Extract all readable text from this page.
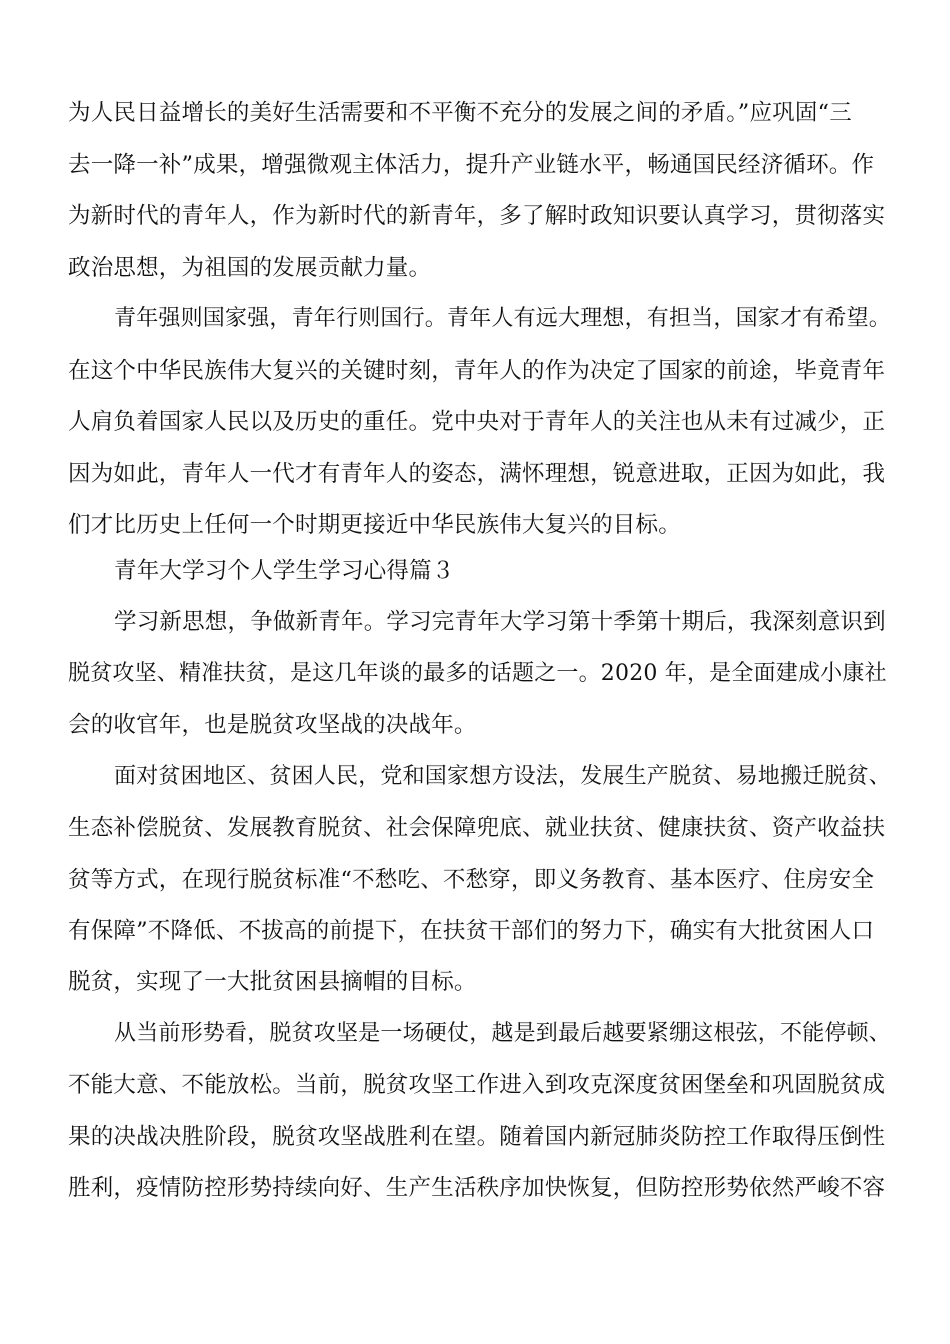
为人民日益增长的美好生活需要和不平衡不充分的发展之间的矛盾。”应巩固“三
去一降一补”成果，增强微观主体活力，提升产业链水平，畅通国民经济循环。作
为新时代的青年人，作为新时代的新青年，多了解时政知识要认真学习，贯彻落实
政治思想，为祖国的发展贡献力量。
青年强则国家强，青年行则国行。青年人有远大理想，有担当，国家才有希望。
在这个中华民族伟大复兴的关键时刻，青年人的作为决定了国家的前途，毕竟青年
人肩负着国家人民以及历史的重任。党中央对于青年人的关注也从未有过减少，正
因为如此，青年人一代才有青年人的姿态，满怀理想，锐意进取，正因为如此，我
们才比历史上任何一个时期更接近中华民族伟大复兴的目标。
青年大学习个人学生学习心得篇３
学习新思想，争做新青年。学习完青年大学习第十季第十期后，我深刻意识到
脱贫攻坚、精准扶贫，是这几年谈的最多的话题之一。2020 年，是全面建成小康社
会的收官年，也是脱贫攻坚战的决战年。
面对贫困地区、贫困人民，党和国家想方设法，发展生产脱贫、易地搬迁脱贫、
生态补偿脱贫、发展教育脱贫、社会保障兜底、就业扶贫、健康扶贫、资产收益扶
贫等方式，在现行脱贫标准“不愁吃、不愁穿，即义务教育、基本医疗、住房安全
有保障”不降低、不拔高的前提下，在扶贫干部们的努力下，确实有大批贫困人口
脱贫，实现了一大批贫困县摘帽的目标。
从当前形势看，脱贫攻坚是一场硬仗，越是到最后越要紧绷这根弦，不能停顿、
不能大意、不能放松。当前，脱贫攻坚工作进入到攻克深度贫困堡垒和巩固脱贫成
果的决战决胜阶段，脱贫攻坚战胜利在望。随着国内新冠肺炎防控工作取得压倒性
胜利，疫情防控形势持续向好、生产生活秩序加快恢复，但防控形势依然严峻不容
